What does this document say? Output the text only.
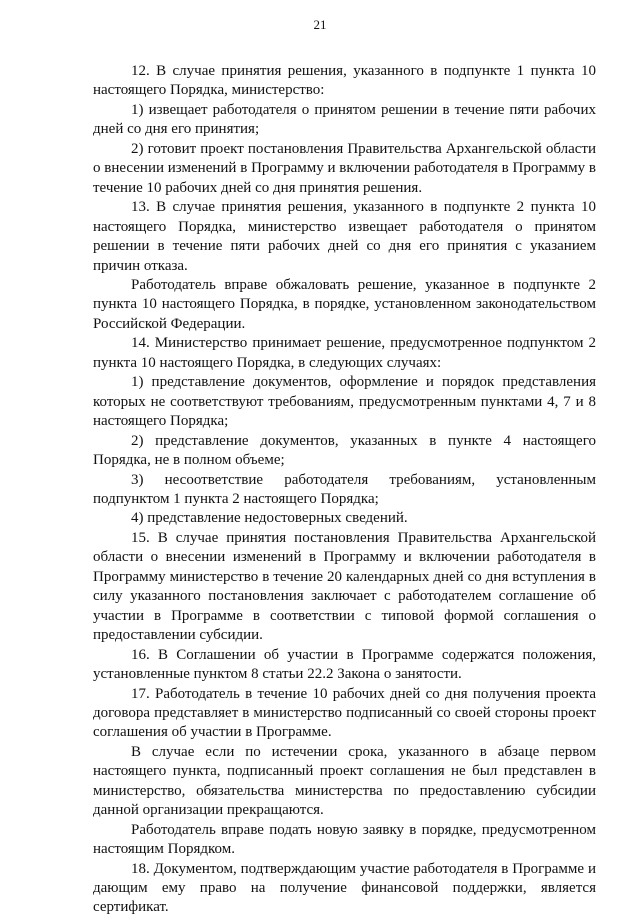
21

12. В случае принятия решения, указанного в подпункте 1 пункта 10 настоящего Порядка, министерство:

1) извещает работодателя о принятом решении в течение пяти рабочих дней со дня его принятия;

2) готовит проект постановления Правительства Архангельской области о внесении изменений в Программу и включении работодателя в Программу в течение 10 рабочих дней со дня принятия решения.

13. В случае принятия решения, указанного в подпункте 2 пункта 10 настоящего Порядка, министерство извещает работодателя о принятом решении в течение пяти рабочих дней со дня его принятия с указанием причин отказа.

Работодатель вправе обжаловать решение, указанное в подпункте 2 пункта 10 настоящего Порядка, в порядке, установленном законодательством Российской Федерации.

14. Министерство принимает решение, предусмотренное подпунктом 2 пункта 10 настоящего Порядка, в следующих случаях:

1) представление документов, оформление и порядок представления которых не соответствуют требованиям, предусмотренным пунктами 4, 7 и 8 настоящего Порядка;

2) представление документов, указанных в пункте 4 настоящего Порядка, не в полном объеме;

3) несоответствие работодателя требованиям, установленным подпунктом 1 пункта 2 настоящего Порядка;

4) представление недостоверных сведений.

15. В случае принятия постановления Правительства Архангельской области о внесении изменений в Программу и включении работодателя в Программу министерство в течение 20 календарных дней со дня вступления в силу указанного постановления заключает с работодателем соглашение об участии в Программе в соответствии с типовой формой соглашения о предоставлении субсидии.

16. В Соглашении об участии в Программе содержатся положения, установленные пунктом 8 статьи 22.2 Закона о занятости.

17. Работодатель в течение 10 рабочих дней со дня получения проекта договора представляет в министерство подписанный со своей стороны проект соглашения об участии в Программе.

В случае если по истечении срока, указанного в абзаце первом настоящего пункта, подписанный проект соглашения не был представлен в министерство, обязательства министерства по предоставлению субсидии данной организации прекращаются.

Работодатель вправе подать новую заявку в порядке, предусмотренном настоящим Порядком.

18. Документом, подтверждающим участие работодателя в Программе и дающим ему право на получение финансовой поддержки, является сертификат.
